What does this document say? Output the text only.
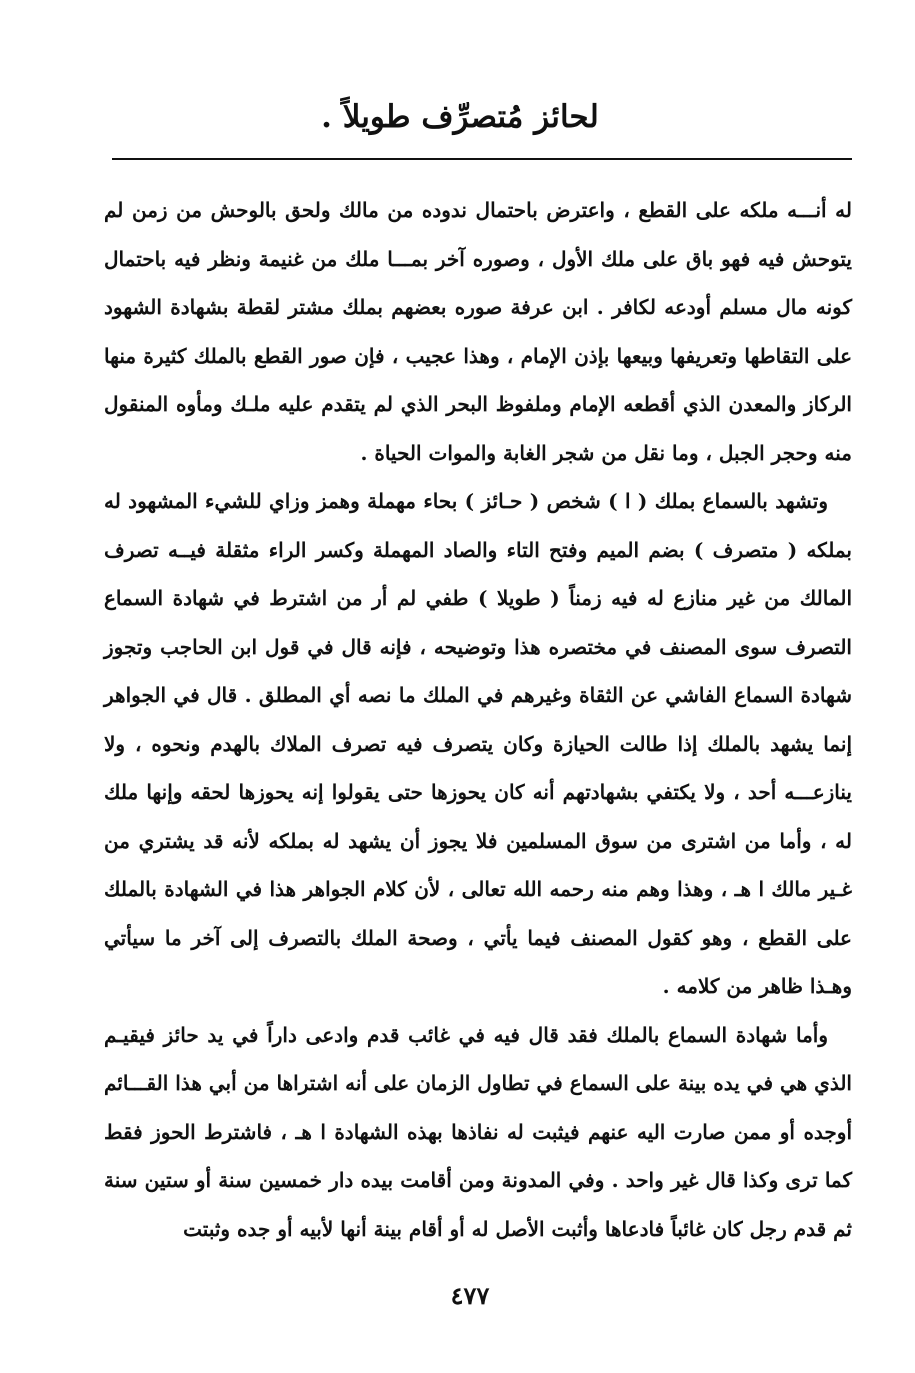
لحائز مُتصرِّف طويلاً .

له أنـــه ملكه على القطع ، واعترض باحتمال ندوده من مالك ولحق بالوحش من زمن لم يتوحش فيه فهو باق على ملك الأول ، وصوره آخر بمـــا ملك من غنيمة ونظر فيه باحتمال كونه مال مسلم أودعه لكافر . ابن عرفة صوره بعضهم بملك مشتر لقطة بشهادة الشهود على التقاطها وتعريفها وبيعها بإذن الإمام ، وهذا عجيب ، فإن صور القطع بالملك كثيرة منها الركاز والمعدن الذي أقطعه الإمام وملفوظ البحر الذي لم يتقدم عليه ملـك ومأوه المنقول منه وحجر الجبل ، وما نقل من شجر الغابة والموات الحياة .

وتشهد بالسماع بملك ( ا ) شخص ( حـائز ) بحاء مهملة وهمز وزاي للشيء المشهود له بملكه ( متصرف ) بضم الميم وفتح التاء والصاد المهملة وكسر الراء مثقلة فيــه تصرف المالك من غير منازع له فيه زمناً ( طويلا ) طفي لم أر من اشترط في شهادة السماع التصرف سوى المصنف في مختصره هذا وتوضيحه ، فإنه قال في قول ابن الحاجب وتجوز شهادة السماع الفاشي عن الثقاة وغيرهم في الملك ما نصه أي المطلق . قال في الجواهر إنما يشهد بالملك إذا طالت الحيازة وكان يتصرف فيه تصرف الملاك بالهدم ونحوه ، ولا ينازعـــه أحد ، ولا يكتفي بشهادتهم أنه كان يحوزها حتى يقولوا إنه يحوزها لحقه وإنها ملك له ، وأما من اشترى من سوق المسلمين فلا يجوز أن يشهد له بملكه لأنه قد يشتري من غـير مالك ا هـ ، وهذا وهم منه رحمه الله تعالى ، لأن كلام الجواهر هذا في الشهادة بالملك على القطع ، وهو كقول المصنف فيما يأتي ، وصحة الملك بالتصرف إلى آخر ما سيأتي وهـذا ظاهر من كلامه .

وأما شهادة السماع بالملك فقد قال فيه في غائب قدم وادعى داراً في يد حائز فيقيـم الذي هي في يده بينة على السماع في تطاول الزمان على أنه اشتراها من أبي هذا القـــائم أوجده أو ممن صارت اليه عنهم فيثبت له نفاذها بهذه الشهادة ا هـ ، فاشترط الحوز فقط كما ترى وكذا قال غير واحد . وفي المدونة ومن أقامت بيده دار خمسين سنة أو ستين سنة ثم قدم رجل كان غائباً فادعاها وأثبت الأصل له أو أقام بينة أنها لأبيه أو جده وثبتت

٤٧٧
